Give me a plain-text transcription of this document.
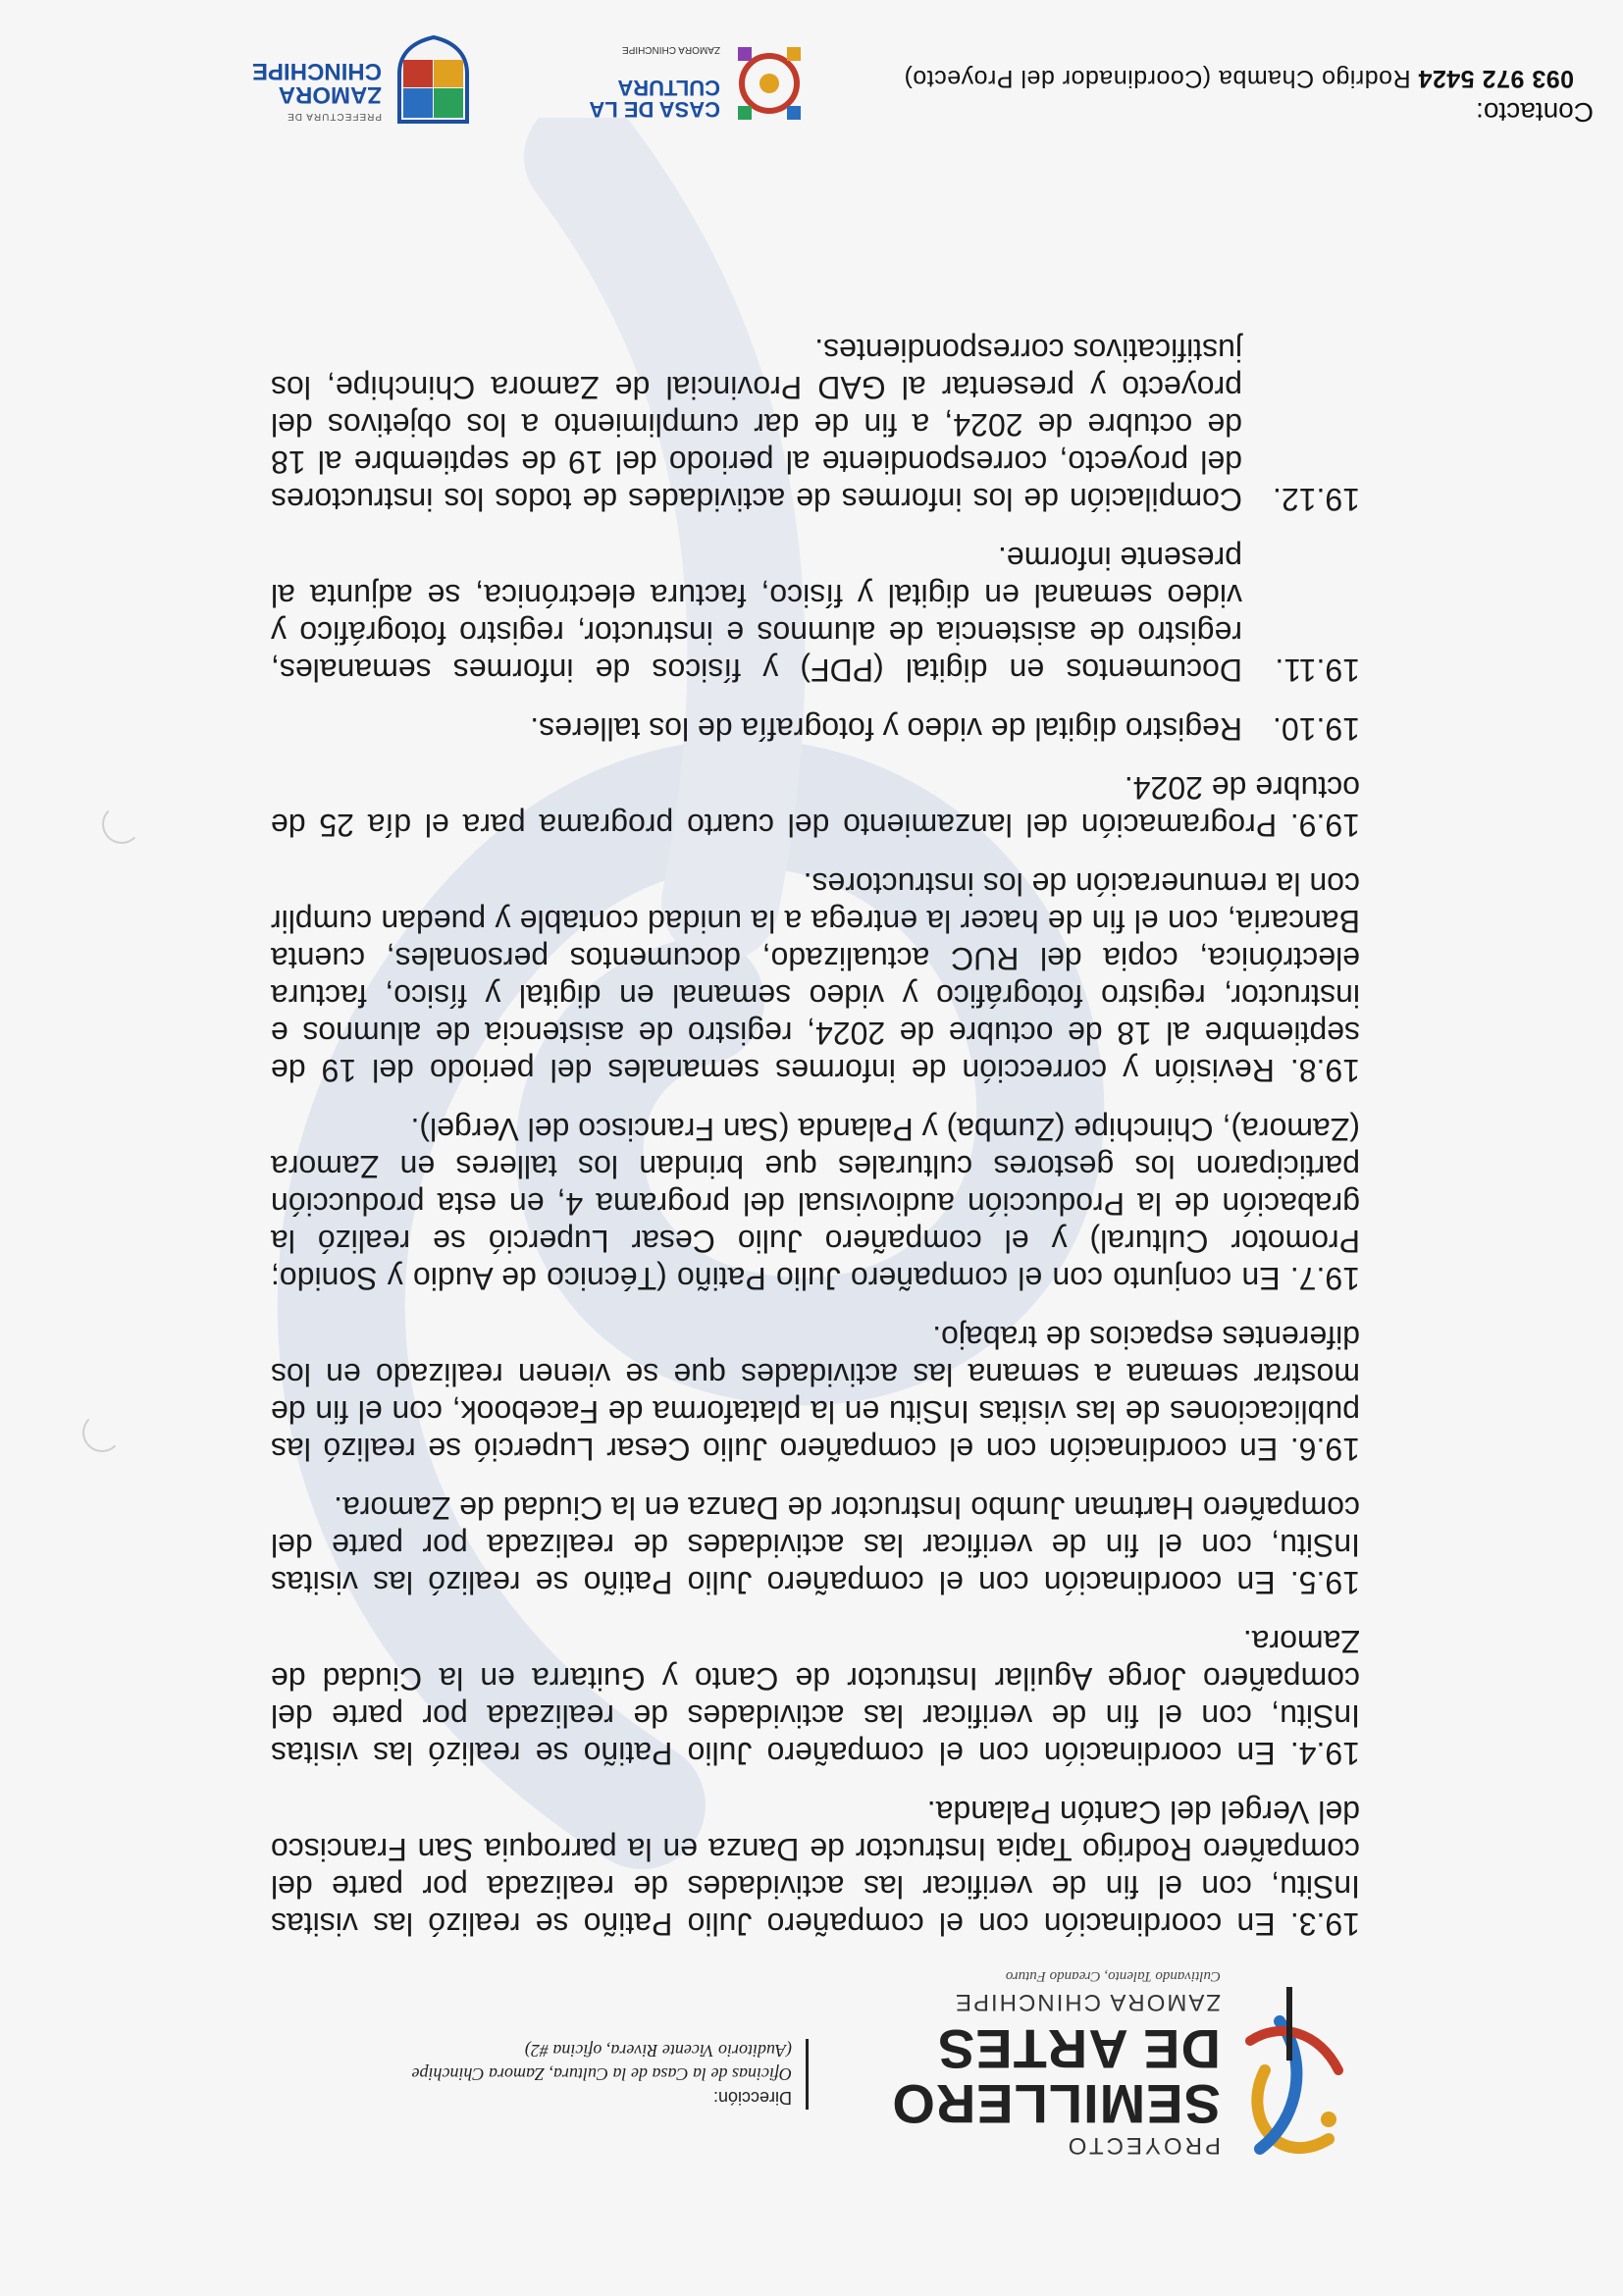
PROYECTO
SEMILLERO
DE ARTES
ZAMORA CHINCHIPE
Cultivando Talento, Creando Futuro
Dirección:
Oficinas de la Casa de la Cultura, Zamora Chinchipe
(Auditorio Vicente Rivera, oficina #2)
19.3. En coordinación con el compañero Julio Patiño se realizó las visitas InSitu, con el fin de verificar las actividades de realizada por parte del compañero Rodrigo Tapia Instructor de Danza en la parroquia San Francisco del Vergel del Cantón Palanda.
19.4. En coordinación con el compañero Julio Patiño se realizó las visitas InSitu, con el fin de verificar las actividades de realizada por parte del compañero Jorge Aguilar Instructor de Canto y Guitarra en la Ciudad de Zamora.
19.5. En coordinación con el compañero Julio Patiño se realizó las visitas InSitu, con el fin de verificar las actividades de realizada por parte del compañero Hartman Jumbo Instructor de Danza en la Ciudad de Zamora.
19.6. En coordinación con el compañero Julio Cesar Luperció se realizó las publicaciones de las visitas InSitu en la plataforma de Facebook, con el fin de mostrar semana a semana las actividades que se vienen realizado en los diferentes espacios de trabajo.
19.7. En conjunto con el compañero Julio Patiño (Técnico de Audio y Sonido; Promotor Cultural) y el compañero Julio Cesar Luperció se realizó la grabación de la Producción audiovisual del programa 4, en esta producción participaron los gestores culturales que brindan los talleres en Zamora (Zamora), Chinchipe (Zumba) y Palanda (San Francisco del Vergel).
19.8. Revisión y corrección de informes semanales del periodo del 19 de septiembre al 18 de octubre de 2024, registro de asistencia de alumnos e instructor, registro fotográfico y video semanal en digital y físico, factura electrónica, copia del RUC actualizado, documentos personales, cuenta Bancaria, con el fin de hacer la entrega a la unidad contable y puedan cumplir con la remuneración de los instructores.
19.9. Programación del lanzamiento del cuarto programa para el día 25 de octubre de 2024.
19.10.
Registro digital de video y fotografía de los talleres.
19.11.
Documentos en digital (PDF) y físicos de informes semanales, registro de asistencia de alumnos e instructor, registro fotográfico y video semanal en digital y físico, factura electrónica, se adjunta al presente informe.
19.12.
Compilación de los informes de actividades de todos los instructores del proyecto, correspondiente al periodo del 19 de septiembre al 18 de octubre de 2024, a fin de dar cumplimiento a los objetivos del proyecto y presentar al GAD Provincial de Zamora Chinchipe, los justificativos correspondientes.
Contacto:
093 972 5424 Rodrigo Chamba (Coordinador del Proyecto)
CASA DE LA
CULTURA
ZAMORA CHINCHIPE
PREFECTURA DE
ZAMORA
CHINCHIPE
